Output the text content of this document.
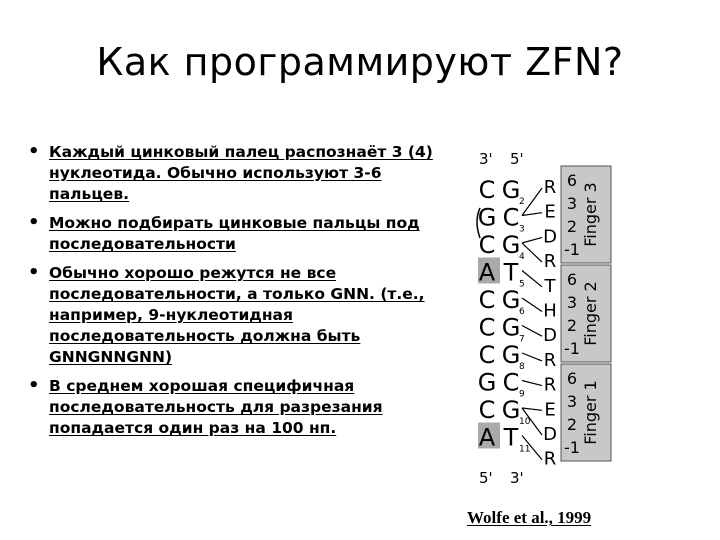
Как программируют ZFN?
• Каждый цинковый палец распознаёт 3 (4) нуклеотида. Обычно используют 3-6 пальцев.
• Можно подбирать цинковые пальцы под последовательности
• Обычно хорошо режутся не все последовательности, а только GNN. (т.е., например, 9-нуклеотидная последовательность должна быть GNNGNNGNN)
• В среднем хорошая специфичная последовательность для разрезания попадается один раз на 100 нп.
3' 5'
5' 3'
C
G
C
A
C
C
C
G
C
A
G
2
C 3
G
4
T 5
G
6
G
7
G
8
C 9
G
10
T 11
R
E
D
R
T
H
D
R
R
E
D
R
6
3
2
-1
Finger 3
6
3
2
-1
Finger 2
6
3
2
-1
Finger 1
Wolfe et al., 1999
